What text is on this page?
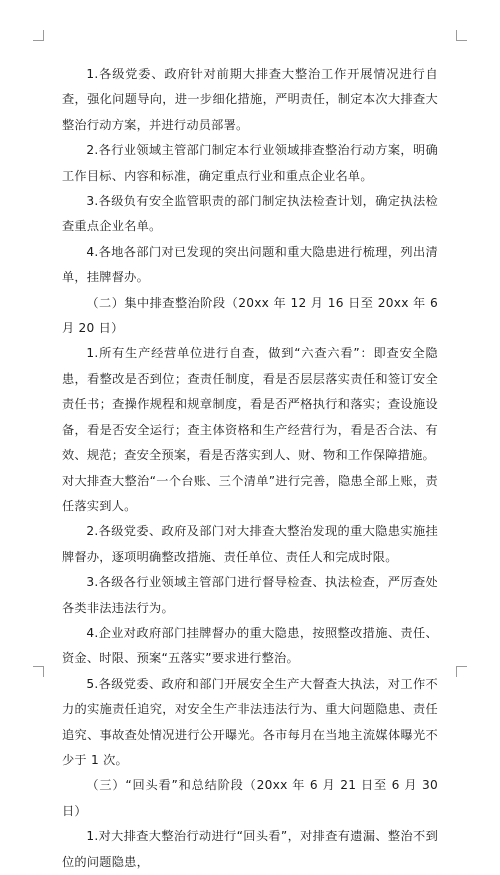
1.各级党委、政府针对前期大排查大整治工作开展情况进行自查，强化问题导向，进一步细化措施，严明责任，制定本次大排查大整治行动方案，并进行动员部署。

2.各行业领域主管部门制定本行业领域排查整治行动方案，明确工作目标、内容和标准，确定重点行业和重点企业名单。

3.各级负有安全监管职责的部门制定执法检查计划，确定执法检查重点企业名单。

4.各地各部门对已发现的突出问题和重大隐患进行梳理，列出清单，挂牌督办。

（二）集中排查整治阶段（20xx 年 12 月 16 日至 20xx 年 6 月 20 日）

1.所有生产经营单位进行自查，做到“六查六看”：即查安全隐患，看整改是否到位；查责任制度，看是否层层落实责任和签订安全责任书；查操作规程和规章制度，看是否严格执行和落实；查设施设备，看是否安全运行；查主体资格和生产经营行为，看是否合法、有效、规范；查安全预案，看是否落实到人、财、物和工作保障措施。

对大排查大整治“一个台账、三个清单”进行完善，隐患全部上账，责任落实到人。

2.各级党委、政府及部门对大排查大整治发现的重大隐患实施挂牌督办，逐项明确整改措施、责任单位、责任人和完成时限。

3.各级各行业领域主管部门进行督导检查、执法检查，严厉查处各类非法违法行为。

4.企业对政府部门挂牌督办的重大隐患，按照整改措施、责任、资金、时限、预案“五落实”要求进行整治。

5.各级党委、政府和部门开展安全生产大督查大执法，对工作不力的实施责任追究，对安全生产非法违法行为、重大问题隐患、责任追究、事故查处情况进行公开曝光。各市每月在当地主流媒体曝光不少于 1 次。

（三）“回头看”和总结阶段（20xx 年 6 月 21 日至 6 月 30 日）

1.对大排查大整治行动进行“回头看”，对排查有遗漏、整治不到位的问题隐患，
